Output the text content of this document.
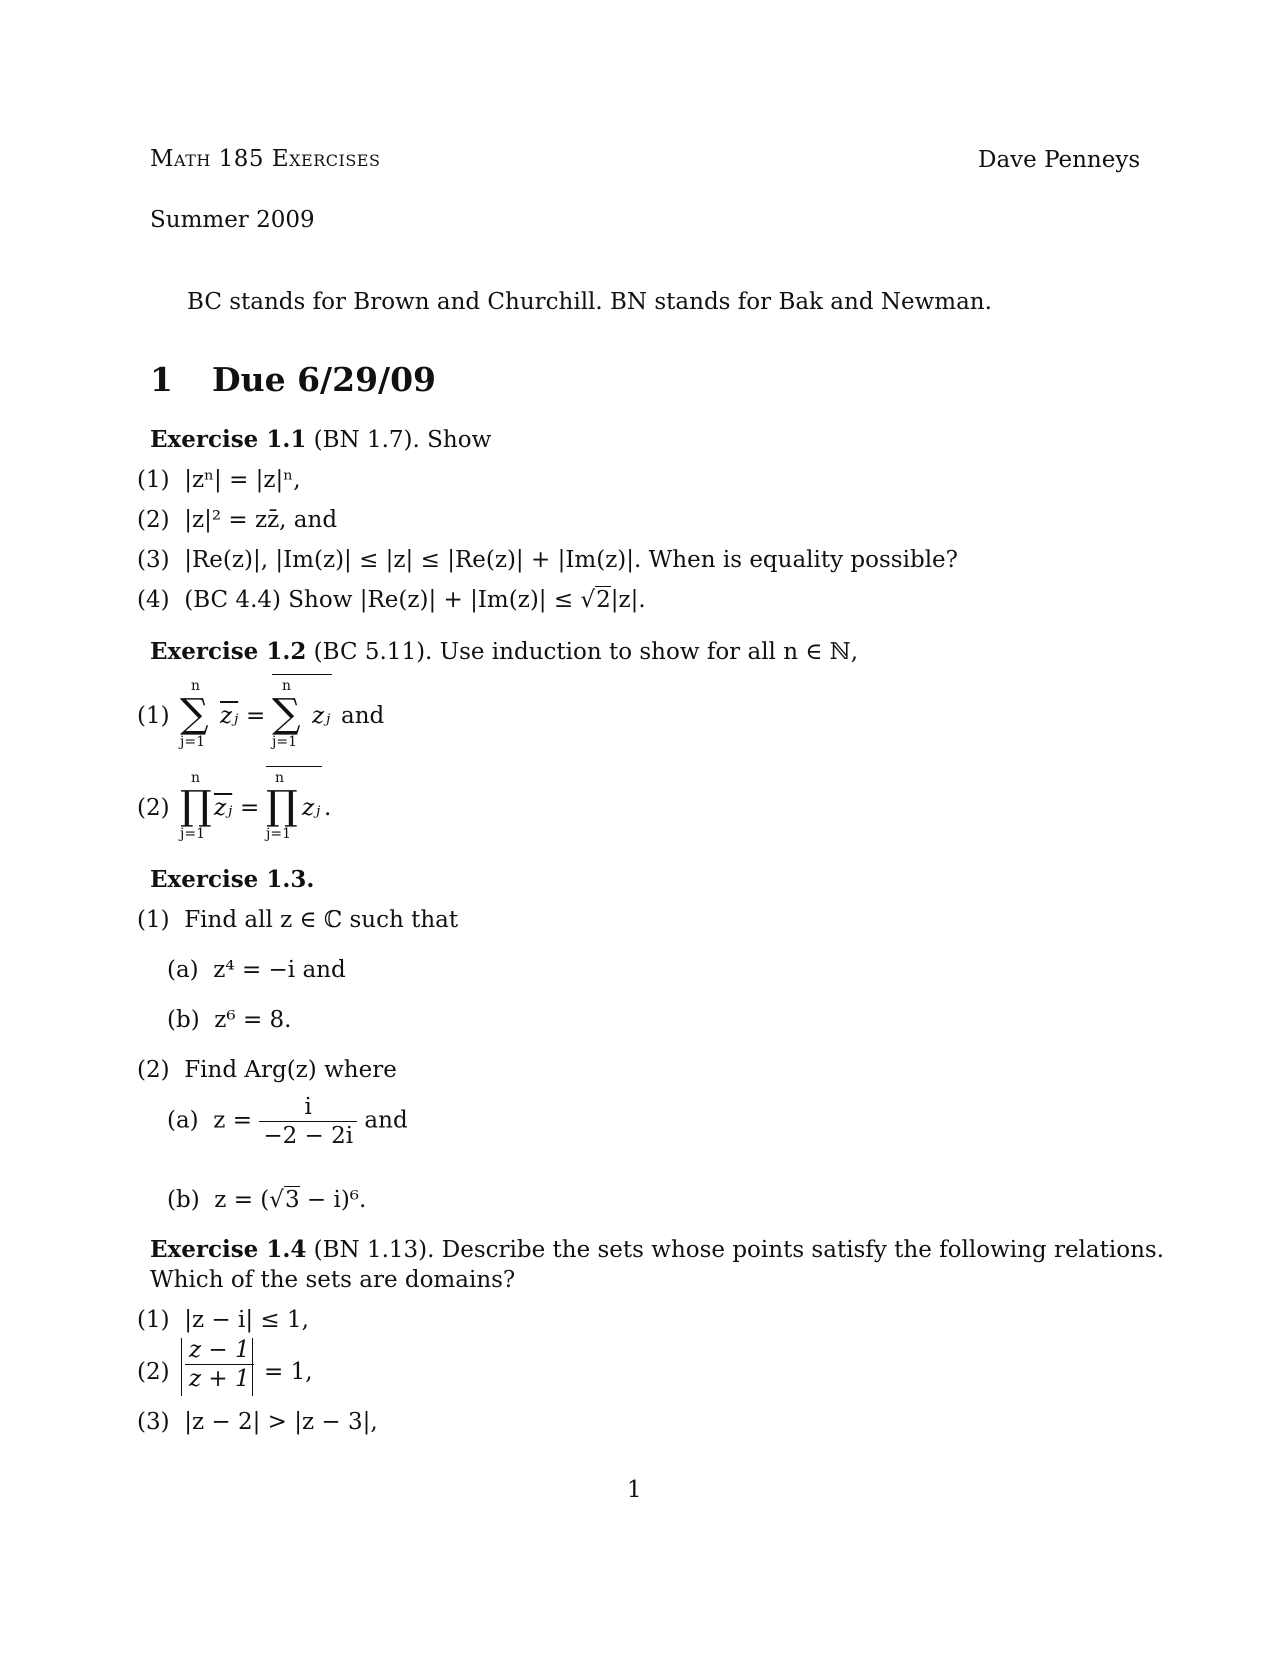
Math 185 Exercises	Dave Penneys
Summer 2009
BC stands for Brown and Churchill. BN stands for Bak and Newman.
1 Due 6/29/09
Exercise 1.1 (BN 1.7). Show
(1) |zⁿ| = |z|ⁿ,
(2) |z|² = zz̄, and
(3) |Re(z)|, |Im(z)| ≤ |z| ≤ |Re(z)| + |Im(z)|. When is equality possible?
(4) (BC 4.4) Show |Re(z)| + |Im(z)| ≤ √2|z|.
Exercise 1.2 (BC 5.11). Use induction to show for all n ∈ ℕ,
(1)
n
∑
j=1
$\overline{zⱼ}$ =
n
∑
j=1
zⱼ and
(2)
n
∏
j=1
$\overline{zⱼ}$ =
n
∏
j=1
zⱼ .
Exercise 1.3.
(1) Find all z ∈ ℂ such that
(a) z⁴ = −i and
(b) z⁶ = 8.
(2) Find Arg(z) where
(a) $z = \frac{i}{-2 - 2i}$ and
(b) z = (√3 − i)⁶.
Exercise 1.4 (BN 1.13). Describe the sets whose points satisfy the following relations.
Which of the sets are domains?
(1) |z − i| ≤ 1,
$(2) \frac{z - 1}{z + 1} = 1$,
(3) |z − 2| > |z − 3|,
1
